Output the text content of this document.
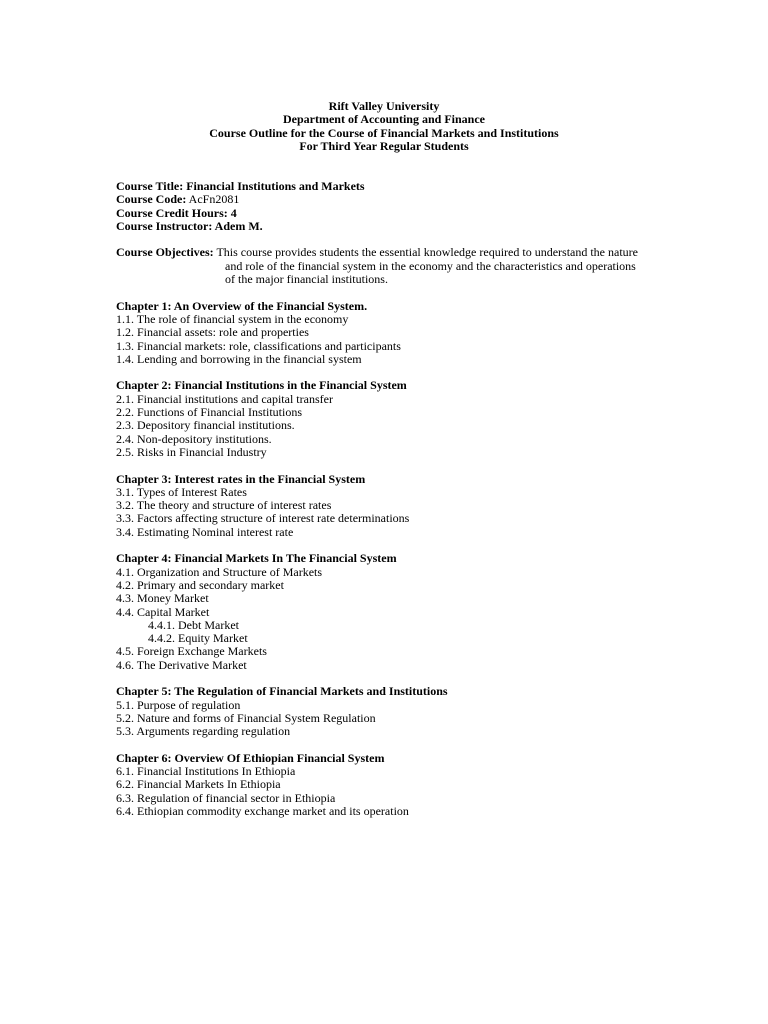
Rift Valley University
Department of Accounting and Finance
Course Outline for the Course of Financial Markets and Institutions
For Third Year Regular Students
Course Title: Financial Institutions and Markets
Course Code: AcFn2081
Course Credit Hours: 4
Course Instructor: Adem M.
Course Objectives: This course provides students the essential knowledge required to understand the nature
and role of the financial system in the economy and the characteristics and operations
of the major financial institutions.
Chapter 1: An Overview of the Financial System.
1.1. The role of financial system in the economy
1.2. Financial assets: role and properties
1.3. Financial markets: role, classifications and participants
1.4. Lending and borrowing in the financial system
Chapter 2: Financial Institutions in the Financial System
2.1. Financial institutions and capital transfer
2.2. Functions of Financial Institutions
2.3. Depository financial institutions.
2.4. Non-depository institutions.
2.5. Risks in Financial Industry
Chapter 3: Interest rates in the Financial System
3.1. Types of Interest Rates
3.2. The theory and structure of interest rates
3.3. Factors affecting structure of interest rate determinations
3.4. Estimating Nominal interest rate
Chapter 4: Financial Markets In The Financial System
4.1. Organization and Structure of Markets
4.2. Primary and secondary market
4.3. Money Market
4.4. Capital Market
4.4.1. Debt Market
4.4.2. Equity Market
4.5. Foreign Exchange Markets
4.6. The Derivative Market
Chapter 5: The Regulation of Financial Markets and Institutions
5.1. Purpose of regulation
5.2. Nature and forms of Financial System Regulation
5.3. Arguments regarding regulation
Chapter 6: Overview Of Ethiopian Financial System
6.1. Financial Institutions In Ethiopia
6.2. Financial Markets In Ethiopia
6.3. Regulation of financial sector in Ethiopia
6.4. Ethiopian commodity exchange market and its operation
